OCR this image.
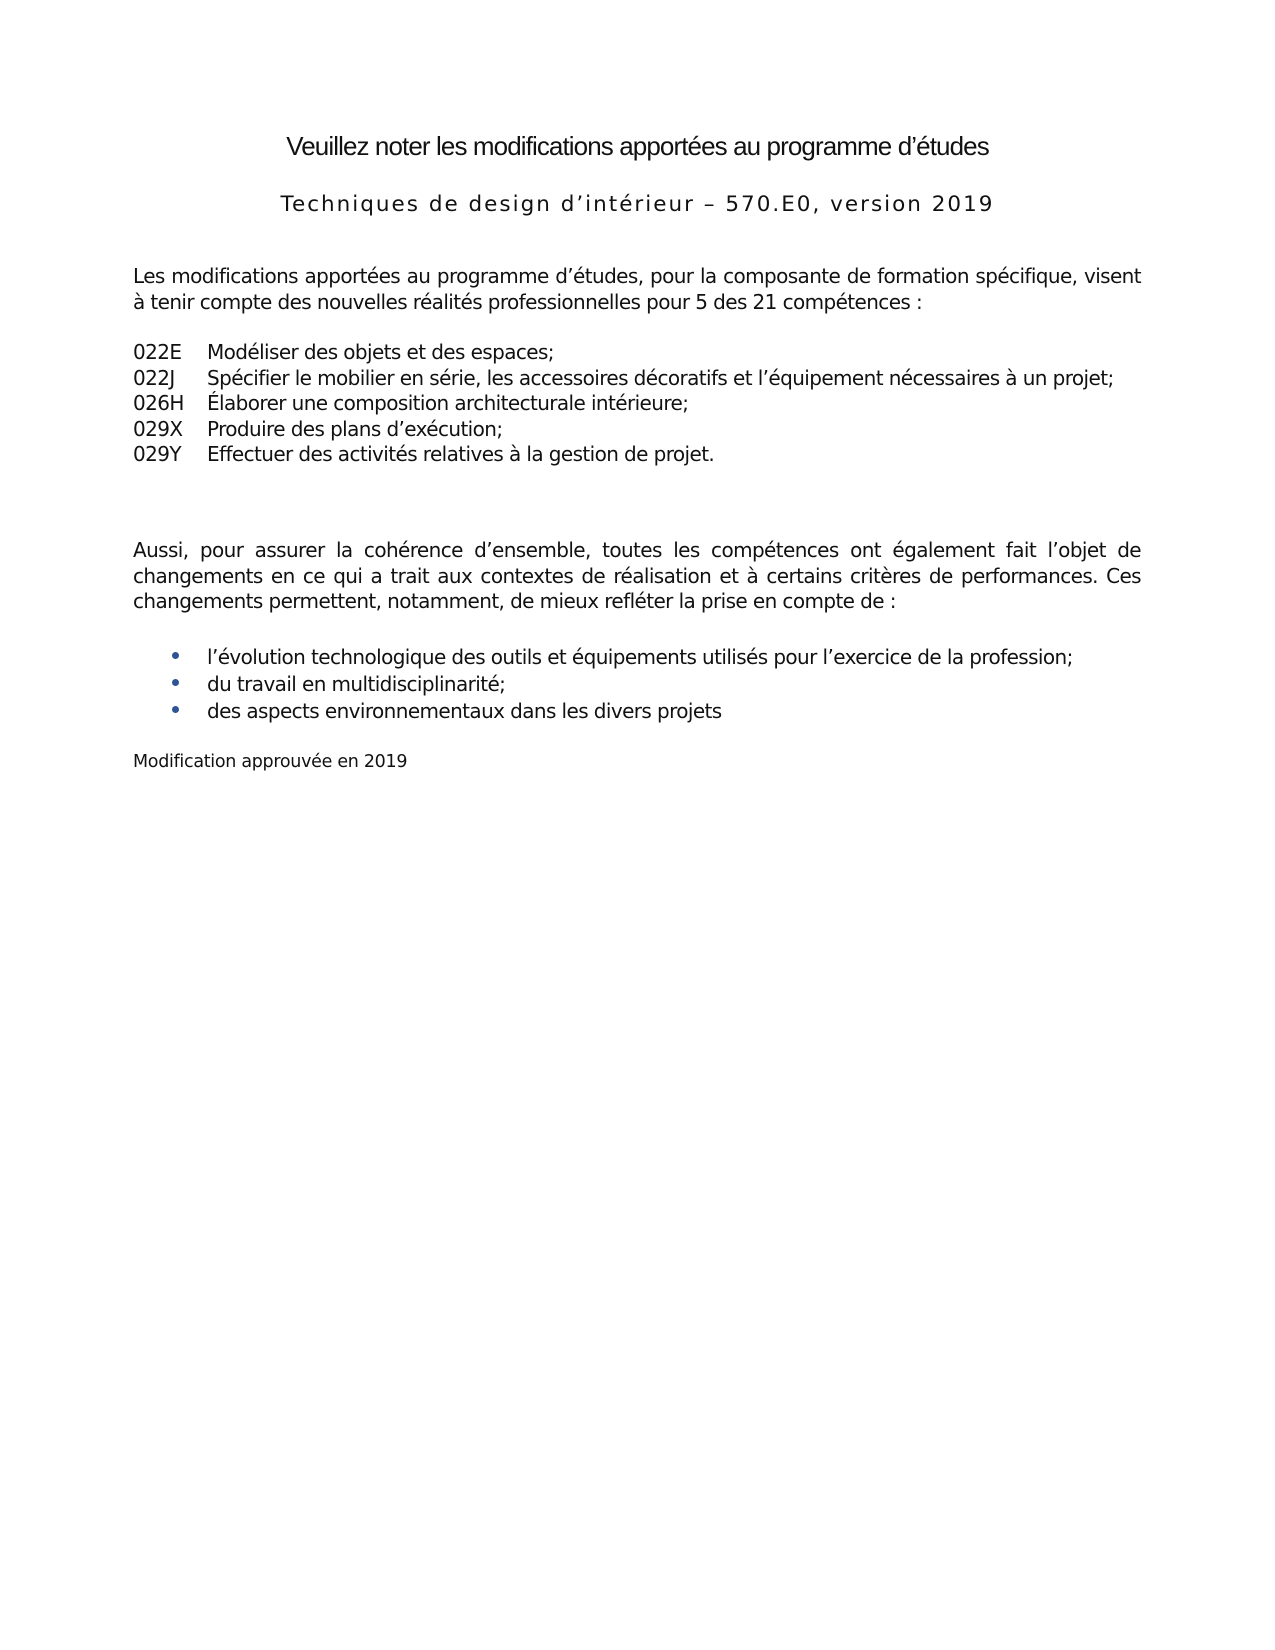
Veuillez noter les modifications apportées au programme d’études
Techniques de design d’intérieur – 570.E0, version 2019
Les modifications apportées au programme d’études, pour la composante de formation spécifique, visent à tenir compte des nouvelles réalités professionnelles pour 5 des 21 compétences :
022E	Modéliser des objets et des espaces;
022J	Spécifier le mobilier en série, les accessoires décoratifs et l’équipement nécessaires à un projet;
026H	Élaborer une composition architecturale intérieure;
029X	Produire des plans d’exécution;
029Y	Effectuer des activités relatives à la gestion de projet.
Aussi, pour assurer la cohérence d’ensemble, toutes les compétences ont également fait l’objet de changements en ce qui a trait aux contextes de réalisation et à certains critères de performances. Ces changements permettent, notamment, de mieux refléter la prise en compte de :
l’évolution technologique des outils et équipements utilisés pour l’exercice de la profession;
du travail en multidisciplinarité;
des aspects environnementaux dans les divers projets
Modification approuvée en 2019
